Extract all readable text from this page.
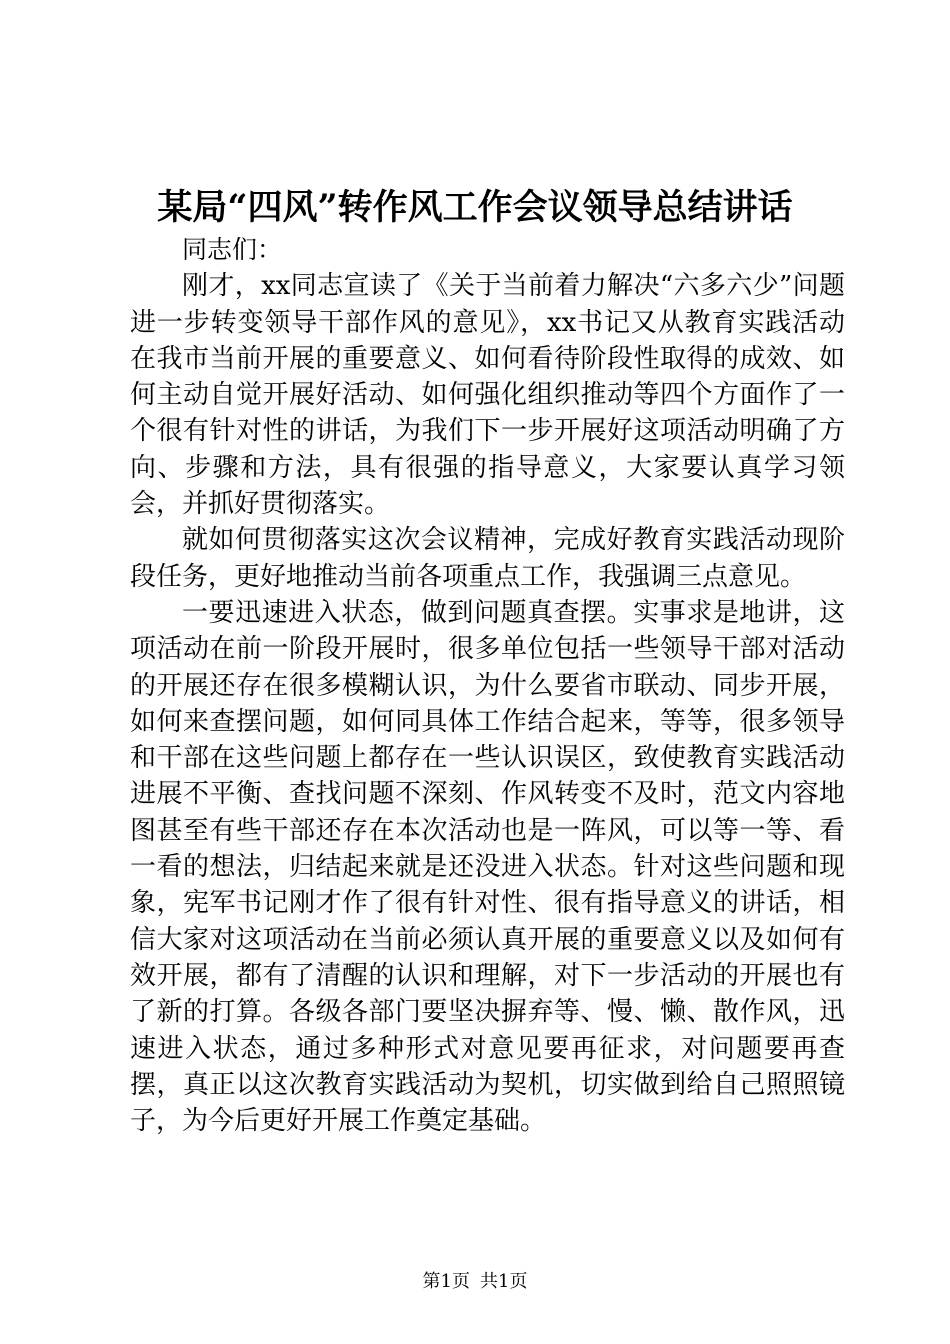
某局“四风”转作风工作会议领导总结讲话

同志们：

刚才，xx同志宣读了《关于当前着力解决“六多六少”问题进一步转变领导干部作风的意见》，xx书记又从教育实践活动在我市当前开展的重要意义、如何看待阶段性取得的成效、如何主动自觉开展好活动、如何强化组织推动等四个方面作了一个很有针对性的讲话，为我们下一步开展好这项活动明确了方向、步骤和方法，具有很强的指导意义，大家要认真学习领会，并抓好贯彻落实。

就如何贯彻落实这次会议精神，完成好教育实践活动现阶段任务，更好地推动当前各项重点工作，我强调三点意见。

一要迅速进入状态，做到问题真查摆。实事求是地讲，这项活动在前一阶段开展时，很多单位包括一些领导干部对活动的开展还存在很多模糊认识，为什么要省市联动、同步开展，如何来查摆问题，如何同具体工作结合起来，等等，很多领导和干部在这些问题上都存在一些认识误区，致使教育实践活动进展不平衡、查找问题不深刻、作风转变不及时，范文内容地图甚至有些干部还存在本次活动也是一阵风，可以等一等、看一看的想法，归结起来就是还没进入状态。针对这些问题和现象，宪军书记刚才作了很有针对性、很有指导意义的讲话，相信大家对这项活动在当前必须认真开展的重要意义以及如何有效开展，都有了清醒的认识和理解，对下一步活动的开展也有了新的打算。各级各部门要坚决摒弃等、慢、懒、散作风，迅速进入状态，通过多种形式对意见要再征求，对问题要再查摆，真正以这次教育实践活动为契机，切实做到给自己照照镜子，为今后更好开展工作奠定基础。

第1页 共1页
